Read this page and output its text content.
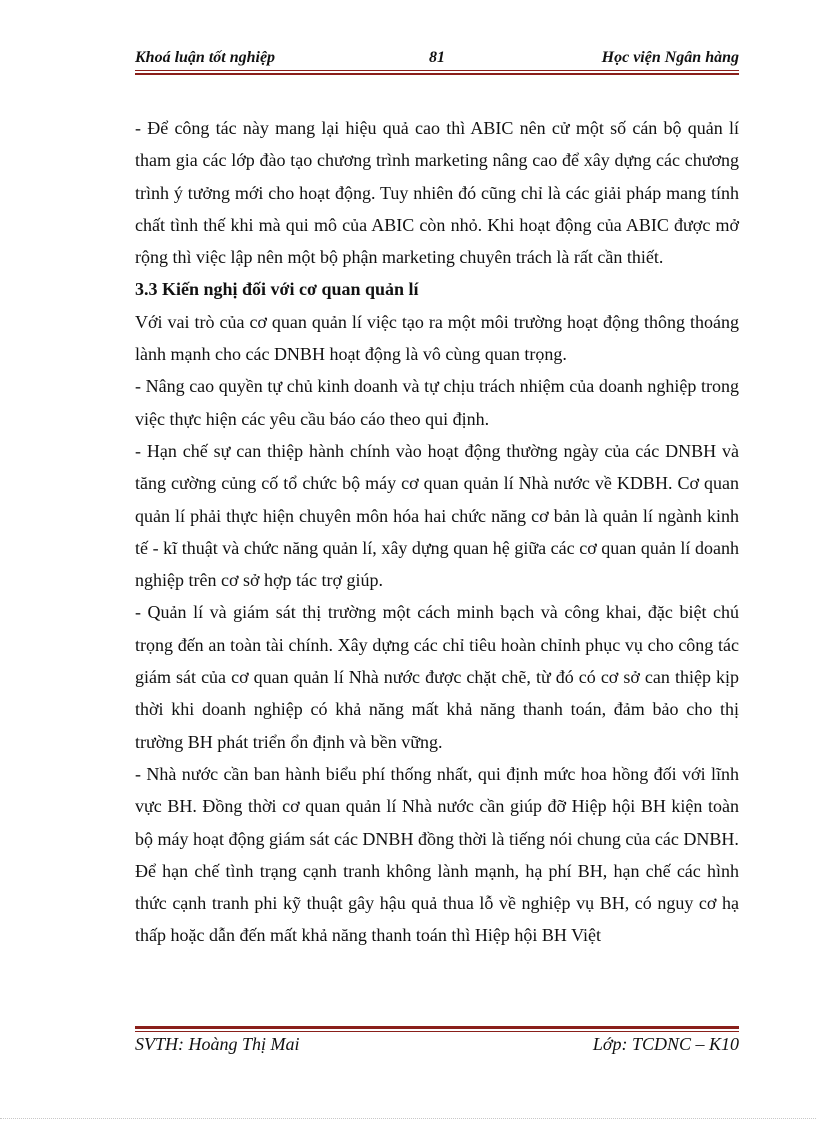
Khoá luận tốt nghiệp	81	Học viện Ngân hàng

- Để công tác này mang lại hiệu quả cao thì ABIC nên cử một số cán bộ quản lí tham gia các lớp đào tạo chương trình marketing nâng cao để xây dựng các chương trình ý tưởng mới cho hoạt động. Tuy nhiên đó cũng chỉ là các giải pháp mang tính chất tình thế khi mà qui mô của ABIC còn nhỏ. Khi hoạt động của ABIC được mở rộng thì việc lập nên một bộ phận marketing chuyên trách là rất cần thiết.

3.3 Kiến nghị đối với cơ quan quản lí

Với vai trò của cơ quan quản lí việc tạo ra một môi trường hoạt động thông thoáng lành mạnh cho các DNBH hoạt động là vô cùng quan trọng.

- Nâng cao quyền tự chủ kinh doanh và tự chịu trách nhiệm của doanh nghiệp trong việc thực hiện các yêu cầu báo cáo theo qui định.

- Hạn chế sự can thiệp hành chính vào hoạt động thường ngày của các DNBH và tăng cường củng cố tổ chức bộ máy cơ quan quản lí Nhà nước về KDBH. Cơ quan quản lí phải thực hiện chuyên môn hóa hai chức năng cơ bản là quản lí ngành kinh tế - kĩ thuật và chức năng quản lí, xây dựng quan hệ giữa các cơ quan quản lí doanh nghiệp trên cơ sở hợp tác trợ giúp.

- Quản lí và giám sát thị trường một cách minh bạch và công khai, đặc biệt chú trọng đến an toàn tài chính. Xây dựng các chỉ tiêu hoàn chỉnh phục vụ cho công tác giám sát của cơ quan quản lí Nhà nước được chặt chẽ, từ đó có cơ sở can thiệp kịp thời khi doanh nghiệp có khả năng mất khả năng thanh toán, đảm bảo cho thị trường BH phát triển ổn định và bền vững.

- Nhà nước cần ban hành biểu phí thống nhất, qui định mức hoa hồng đối với lĩnh vực BH. Đồng thời cơ quan quản lí Nhà nước cần giúp đỡ Hiệp hội BH kiện toàn bộ máy hoạt động giám sát các DNBH đồng thời là tiếng nói chung của các DNBH.

Để hạn chế tình trạng cạnh tranh không lành mạnh, hạ phí BH, hạn chế các hình thức cạnh tranh phi kỹ thuật gây hậu quả thua lỗ về nghiệp vụ BH, có nguy cơ hạ thấp hoặc dẫn đến mất khả năng thanh toán thì Hiệp hội BH Việt

SVTH: Hoàng Thị Mai	Lớp: TCDNC – K10
